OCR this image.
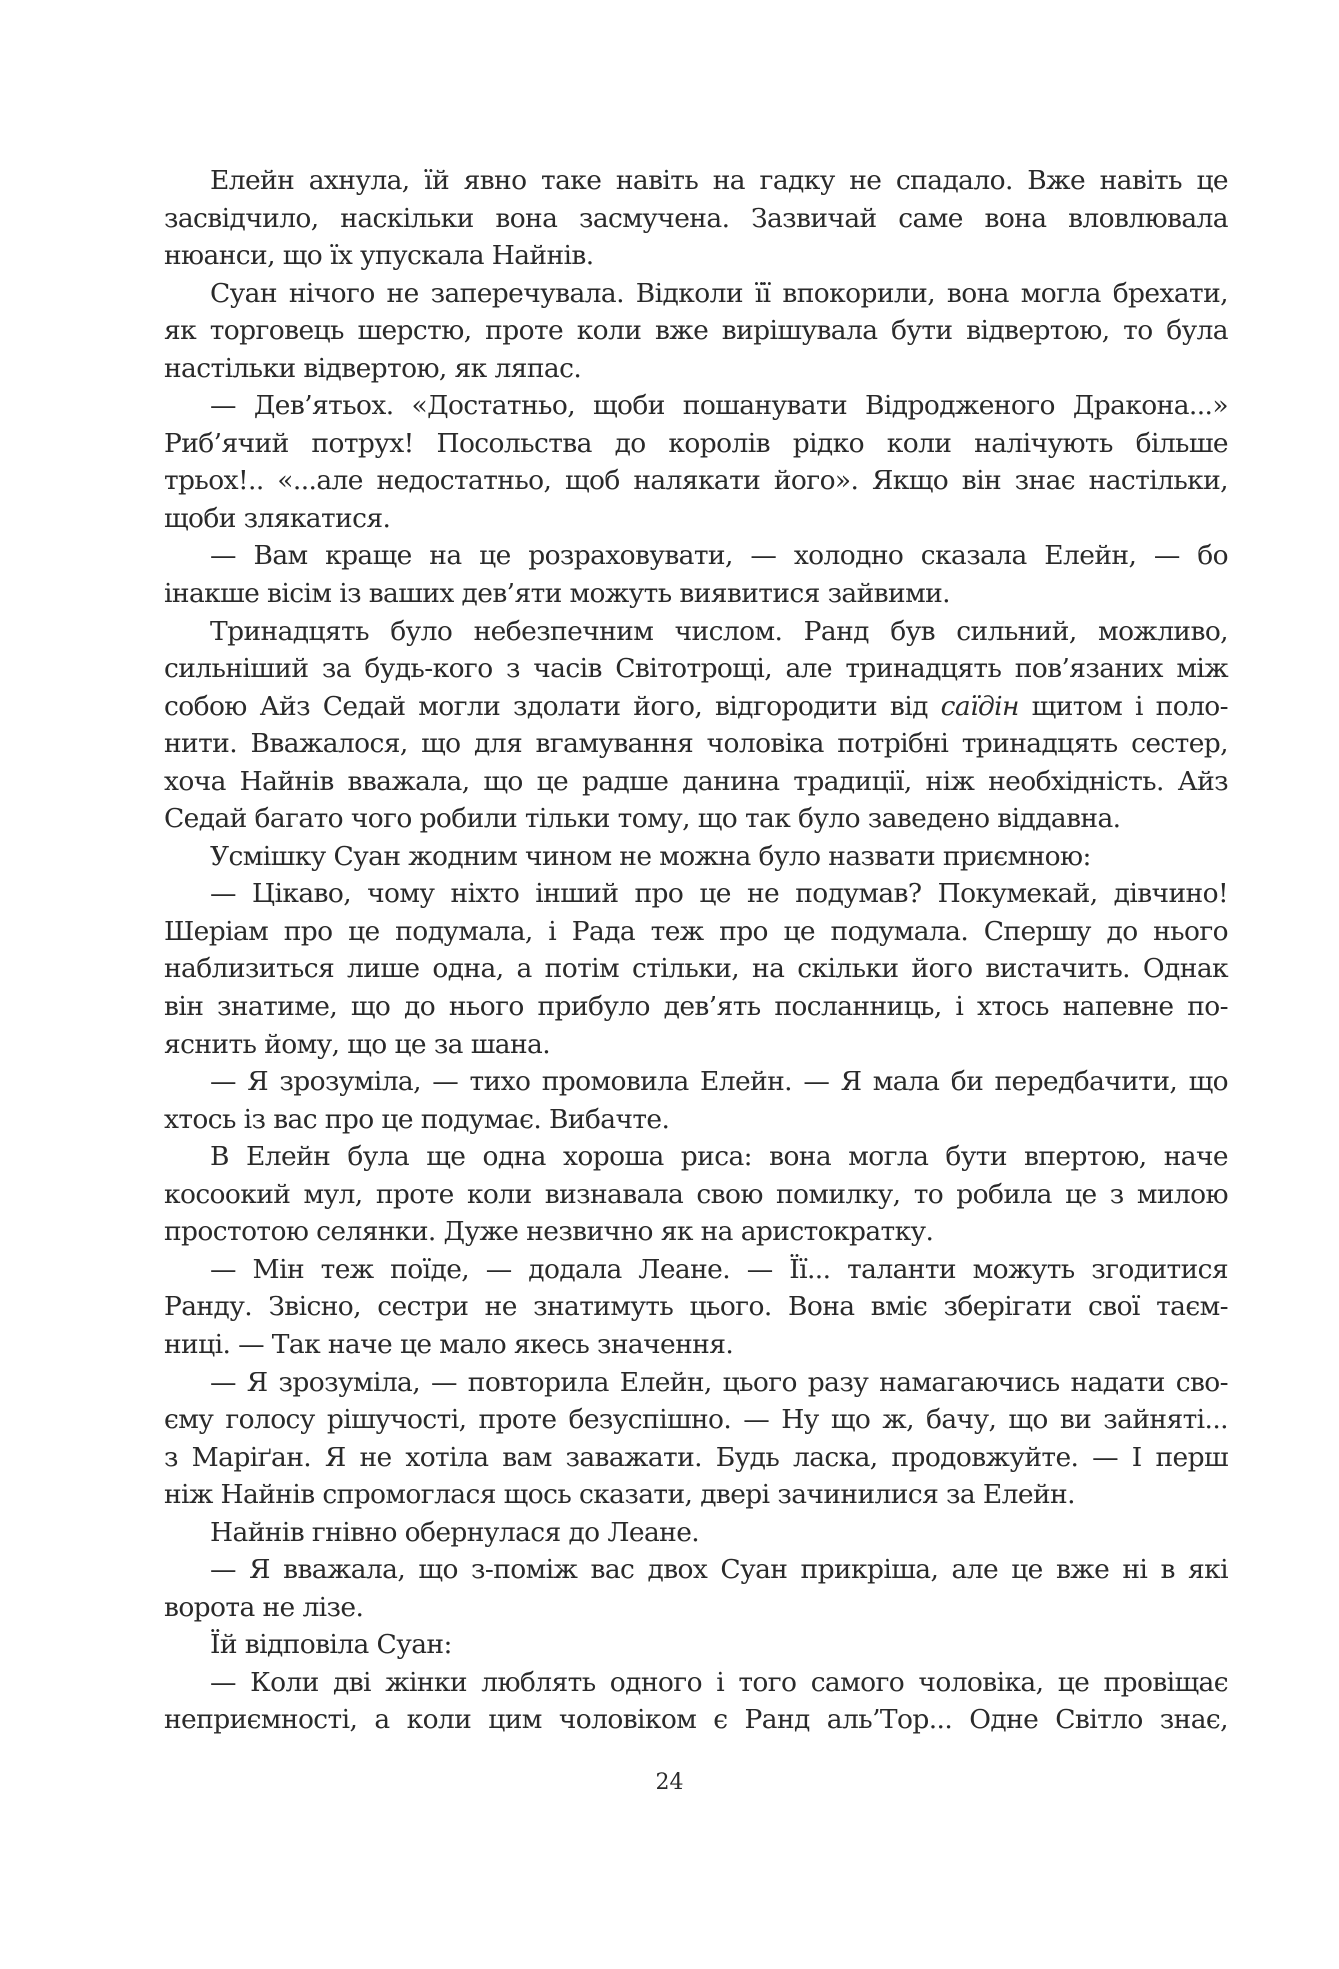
Елейн ахнула, їй явно таке навіть на гадку не спадало. Вже навіть це
засвідчило, наскільки вона засмучена. Зазвичай саме вона вловлювала
нюанси, що їх упускала Найнів.
Суан нічого не заперечувала. Відколи її впокорили, вона могла брехати,
як торговець шерстю, проте коли вже вирішувала бути відвертою, то була
настільки відвертою, як ляпас.
— Дев’ятьох. «Достатньо, щоби пошанувати Відродженого Дракона...»
Риб’ячий потрух! Посольства до королів рідко коли налічують більше
трьох!.. «...але недостатньо, щоб налякати його». Якщо він знає настільки,
щоби злякатися.
— Вам краще на це розраховувати, — холодно сказала Елейн, — бо
інакше вісім із ваших дев’яти можуть виявитися зайвими.
Тринадцять було небезпечним числом. Ранд був сильний, можливо,
сильніший за будь-кого з часів Світотрощі, але тринадцять пов’язаних між
собою Айз Седай могли здолати його, відгородити від саїдін щитом і поло-
нити. Вважалося, що для вгамування чоловіка потрібні тринадцять сестер,
хоча Найнів вважала, що це радше данина традиції, ніж необхідність. Айз
Седай багато чого робили тільки тому, що так було заведено віддавна.
Усмішку Суан жодним чином не можна було назвати приємною:
— Цікаво, чому ніхто інший про це не подумав? Покумекай, дівчино!
Шеріам про це подумала, і Рада теж про це подумала. Спершу до нього
наблизиться лише одна, а потім стільки, на скільки його вистачить. Однак
він знатиме, що до нього прибуло дев’ять посланниць, і хтось напевне по-
яснить йому, що це за шана.
— Я зрозуміла, — тихо промовила Елейн. — Я мала би передбачити, що
хтось із вас про це подумає. Вибачте.
В Елейн була ще одна хороша риса: вона могла бути впертою, наче
косоокий мул, проте коли визнавала свою помилку, то робила це з милою
простотою селянки. Дуже незвично як на аристократку.
— Мін теж поїде, — додала Леане. — Її... таланти можуть згодитися
Ранду. Звісно, сестри не знатимуть цього. Вона вміє зберігати свої таєм-
ниці. — Так наче це мало якесь значення.
— Я зрозуміла, — повторила Елейн, цього разу намагаючись надати сво-
єму голосу рішучості, проте безуспішно. — Ну що ж, бачу, що ви зайняті...
з Маріґан. Я не хотіла вам заважати. Будь ласка, продовжуйте. — І перш
ніж Найнів спромоглася щось сказати, двері зачинилися за Елейн.
Найнів гнівно обернулася до Леане.
— Я вважала, що з-поміж вас двох Суан прикріша, але це вже ні в які
ворота не лізе.
Їй відповіла Суан:
— Коли дві жінки люблять одного і того самого чоловіка, це провіщає
неприємності, а коли цим чоловіком є Ранд аль’Тор... Одне Світло знає,
24
